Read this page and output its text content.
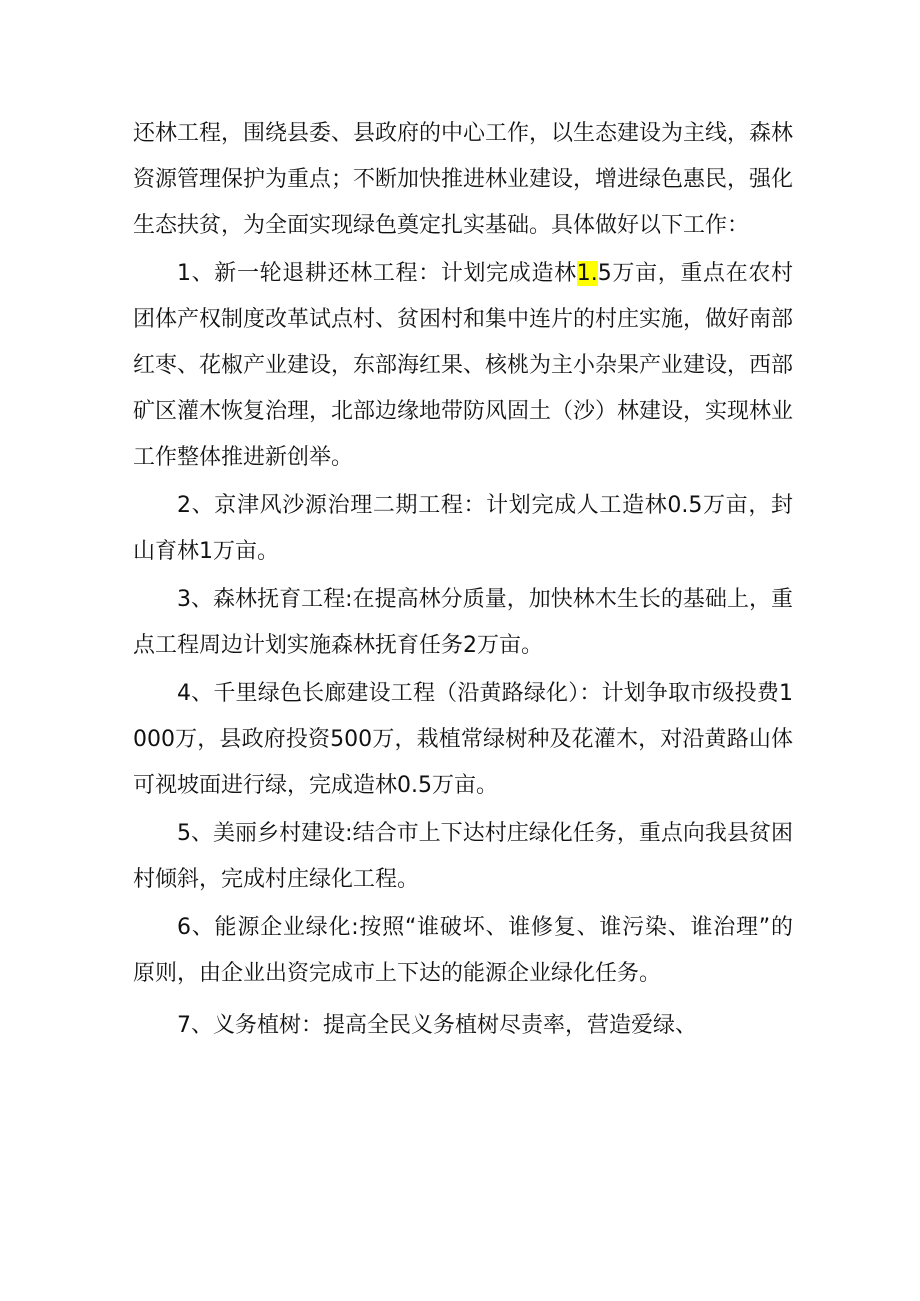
还林工程，围绕县委、县政府的中心工作，以生态建设为主线，森林资源管理保护为重点；不断加快推进林业建设，增进绿色惠民，强化生态扶贫，为全面实现绿色奠定扎实基础。具体做好以下工作：

1、新一轮退耕还林工程：计划完成造林1.5万亩，重点在农村团体产权制度改革试点村、贫困村和集中连片的村庄实施，做好南部红枣、花椒产业建设，东部海红果、核桃为主小杂果产业建设，西部矿区灌木恢复治理，北部边缘地带防风固土（沙）林建设，实现林业工作整体推进新创举。

2、京津风沙源治理二期工程：计划完成人工造林0.5万亩，封山育林1万亩。

3、森林抚育工程:在提高林分质量，加快林木生长的基础上，重点工程周边计划实施森林抚育任务2万亩。

4、千里绿色长廊建设工程（沿黄路绿化）：计划争取市级投费1000万，县政府投资500万，栽植常绿树种及花灌木，对沿黄路山体可视坡面进行绿，完成造林0.5万亩。

5、美丽乡村建设:结合市上下达村庄绿化任务，重点向我县贫困村倾斜，完成村庄绿化工程。

6、能源企业绿化:按照“谁破坏、谁修复、谁污染、谁治理”的原则，由企业出资完成市上下达的能源企业绿化任务。

7、义务植树：提高全民义务植树尽责率，营造爱绿、
